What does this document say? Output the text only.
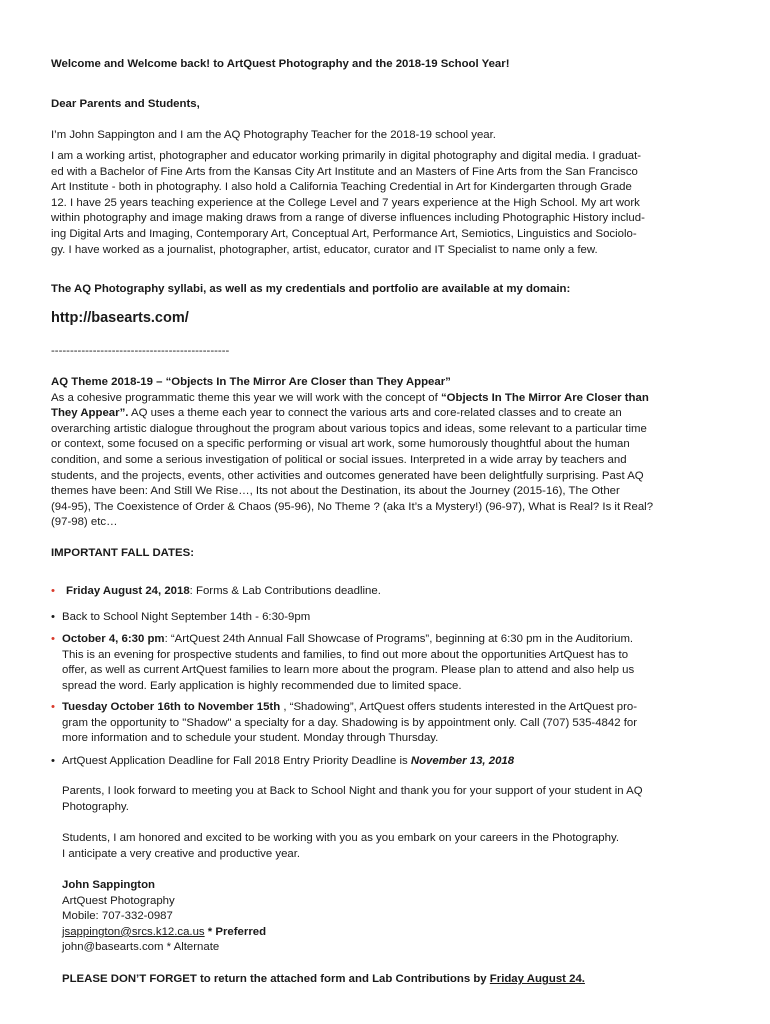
Welcome and Welcome back! to ArtQuest Photography and the 2018-19 School Year!
Dear Parents and Students,
I’m John Sappington and I am the AQ Photography Teacher for the 2018-19 school year.
I am a working artist, photographer and educator working primarily in digital photography and digital media. I graduat-
ed with a Bachelor of Fine Arts from the Kansas City Art Institute and an Masters of Fine Arts from the San Francisco
Art Institute - both in photography. I also hold a California Teaching Credential in Art for Kindergarten through Grade
12. I have 25 years teaching experience at the College Level and 7 years experience at the High School. My art work
within photography and image making draws from a range of diverse influences including Photographic History includ-
ing Digital Arts and Imaging, Contemporary Art, Conceptual Art, Performance Art, Semiotics, Linguistics and Sociolo-
gy. I have worked as a journalist, photographer, artist, educator, curator and IT Specialist to name only a few.
The AQ Photography syllabi, as well as my credentials and portfolio are available at my domain:
http://basearts.com/
-----------------------------------------------
AQ Theme 2018-19 – “Objects In The Mirror Are Closer than They Appear”
As a cohesive programmatic theme this year we will work with the concept of “Objects In The Mirror Are Closer than
They Appear”. AQ uses a theme each year to connect the various arts and core-related classes and to create an
overarching artistic dialogue throughout the program about various topics and ideas, some relevant to a particular time
or context, some focused on a specific performing or visual art work, some humorously thoughtful about the human
condition, and some a serious investigation of political or social issues. Interpreted in a wide array by teachers and
students, and the projects, events, other activities and outcomes generated have been delightfully surprising. Past AQ
themes have been: And Still We Rise…, Its not about the Destination, its about the Journey (2015-16), The Other
(94-95), The Coexistence of Order & Chaos (95-96), No Theme ? (aka It’s a Mystery!) (96-97), What is Real? Is it Real?
(97-98) etc…
IMPORTANT FALL DATES:
• Friday August 24, 2018: Forms & Lab Contributions deadline.
• Back to School Night September 14th - 6:30-9pm
• October 4, 6:30 pm: “ArtQuest 24th Annual Fall Showcase of Programs”, beginning at 6:30 pm in the Auditorium.
This is an evening for prospective students and families, to find out more about the opportunities ArtQuest has to
offer, as well as current ArtQuest families to learn more about the program. Please plan to attend and also help us
spread the word. Early application is highly recommended due to limited space.
• Tuesday October 16th to November 15th , “Shadowing”, ArtQuest offers students interested in the ArtQuest pro-
gram the opportunity to "Shadow" a specialty for a day. Shadowing is by appointment only. Call (707) 535-4842 for
more information and to schedule your student. Monday through Thursday.
• ArtQuest Application Deadline for Fall 2018 Entry Priority Deadline is November 13, 2018
Parents, I look forward to meeting you at Back to School Night and thank you for your support of your student in AQ
Photography.
Students, I am honored and excited to be working with you as you embark on your careers in the Photography.
I anticipate a very creative and productive year.
John Sappington
ArtQuest Photography
Mobile: 707-332-0987
jsappington@srcs.k12.ca.us * Preferred
john@basearts.com * Alternate
PLEASE DON’T FORGET to return the attached form and Lab Contributions by Friday August 24.
